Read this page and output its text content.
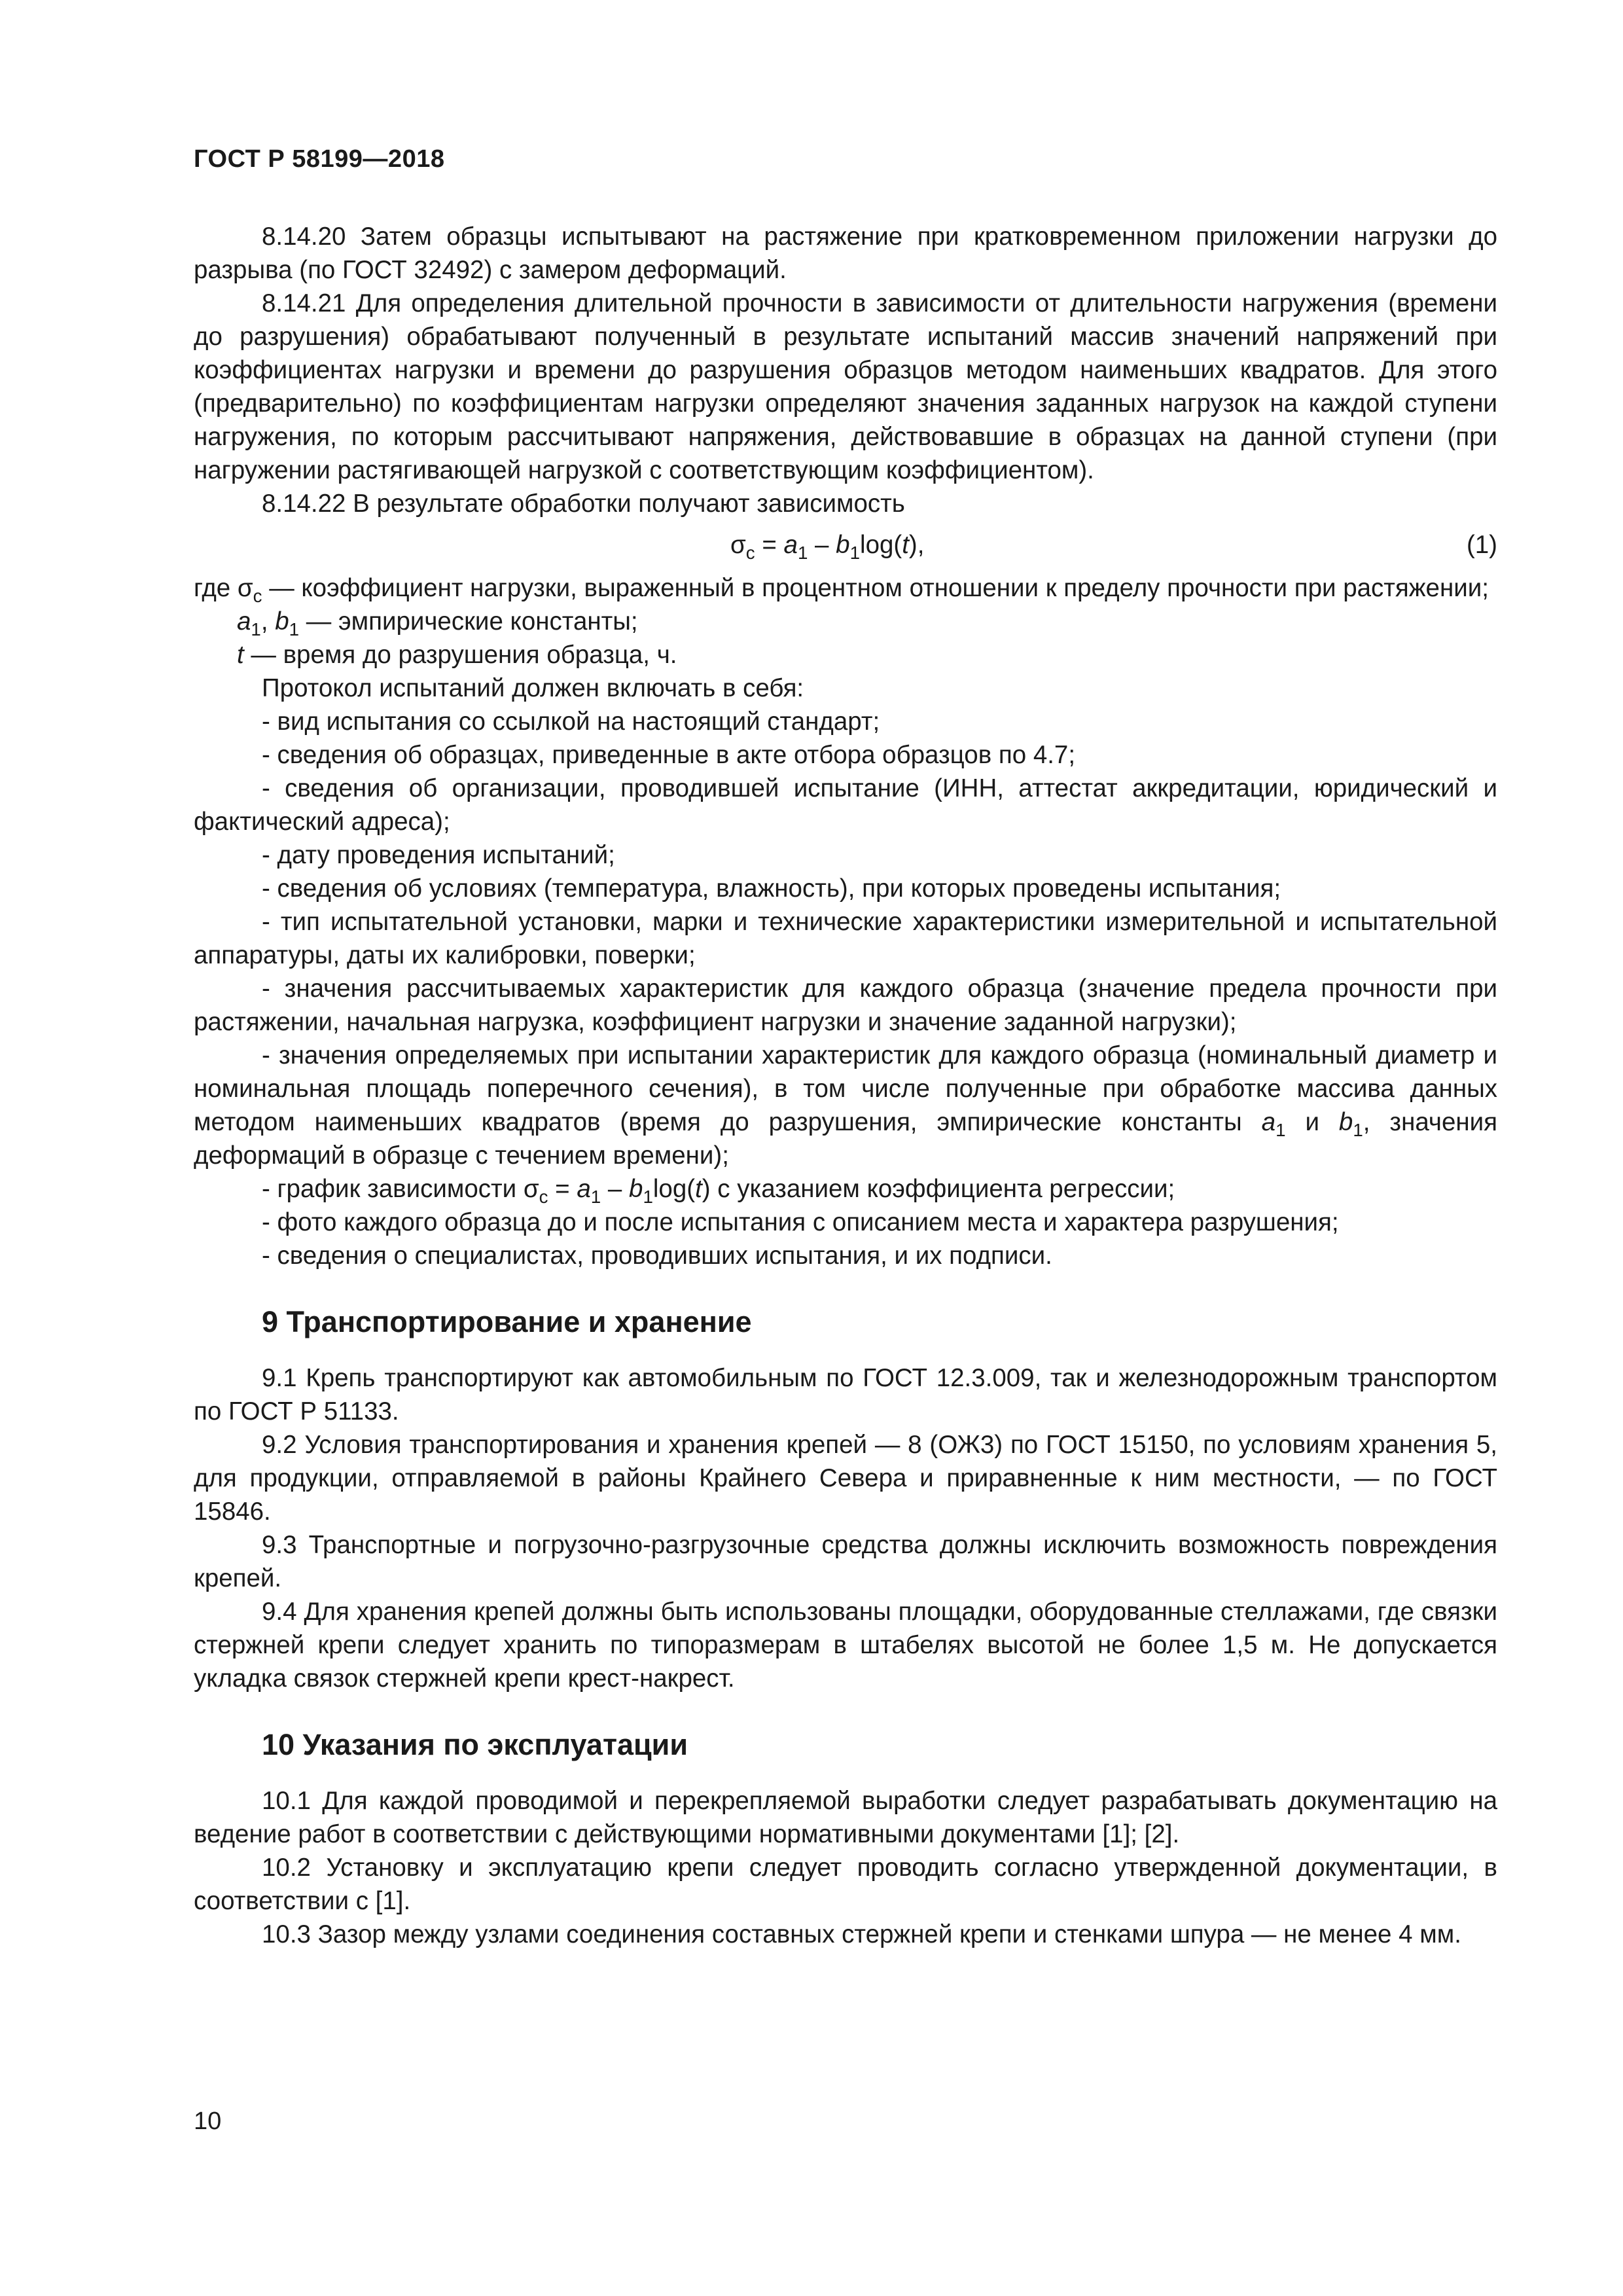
ГОСТ Р 58199—2018

8.14.20 Затем образцы испытывают на растяжение при кратковременном приложении нагрузки до разрыва (по ГОСТ 32492) с замером деформаций.

8.14.21 Для определения длительной прочности в зависимости от длительности нагружения (времени до разрушения) обрабатывают полученный в результате испытаний массив значений напряжений при коэффициентах нагрузки и времени до разрушения образцов методом наименьших квадратов. Для этого (предварительно) по коэффициентам нагрузки определяют значения заданных нагрузок на каждой ступени нагружения, по которым рассчитывают напряжения, действовавшие в образцах на данной ступени (при нагружении растягивающей нагрузкой с соответствующим коэффициентом).

8.14.22 В результате обработки получают зависимость

$\sigma_c = a_1 - b_1\log(t)$,	(1)

где $\sigma_c$ — коэффициент нагрузки, выраженный в процентном отношении к пределу прочности при растяжении;

$a_1$, $b_1$ — эмпирические константы;

t — время до разрушения образца, ч.

Протокол испытаний должен включать в себя:

- вид испытания со ссылкой на настоящий стандарт;

- сведения об образцах, приведенные в акте отбора образцов по 4.7;

- сведения об организации, проводившей испытание (ИНН, аттестат аккредитации, юридический и фактический адреса);

- дату проведения испытаний;

- сведения об условиях (температура, влажность), при которых проведены испытания;

- тип испытательной установки, марки и технические характеристики измерительной и испытательной аппаратуры, даты их калибровки, поверки;

- значения рассчитываемых характеристик для каждого образца (значение предела прочности при растяжении, начальная нагрузка, коэффициент нагрузки и значение заданной нагрузки);

- значения определяемых при испытании характеристик для каждого образца (номинальный диаметр и номинальная площадь поперечного сечения), в том числе полученные при обработке массива данных методом наименьших квадратов (время до разрушения, эмпирические константы $a_1$ и $b_1$, значения деформаций в образце с течением времени);

- график зависимости $\sigma_c = a_1 - b_1\log(t)$ с указанием коэффициента регрессии;

- фото каждого образца до и после испытания с описанием места и характера разрушения;

- сведения о специалистах, проводивших испытания, и их подписи.

9 Транспортирование и хранение

9.1 Крепь транспортируют как автомобильным по ГОСТ 12.3.009, так и железнодорожным транспортом по ГОСТ Р 51133.

9.2 Условия транспортирования и хранения крепей — 8 (ОЖ3) по ГОСТ 15150, по условиям хранения 5, для продукции, отправляемой в районы Крайнего Севера и приравненные к ним местности, — по ГОСТ 15846.

9.3 Транспортные и погрузочно-разгрузочные средства должны исключить возможность повреждения крепей.

9.4 Для хранения крепей должны быть использованы площадки, оборудованные стеллажами, где связки стержней крепи следует хранить по типоразмерам в штабелях высотой не более 1,5 м. Не допускается укладка связок стержней крепи крест-накрест.

10 Указания по эксплуатации

10.1 Для каждой проводимой и перекрепляемой выработки следует разрабатывать документацию на ведение работ в соответствии с действующими нормативными документами [1]; [2].

10.2 Установку и эксплуатацию крепи следует проводить согласно утвержденной документации, в соответствии с [1].

10.3 Зазор между узлами соединения составных стержней крепи и стенками шпура — не менее 4 мм.

10
